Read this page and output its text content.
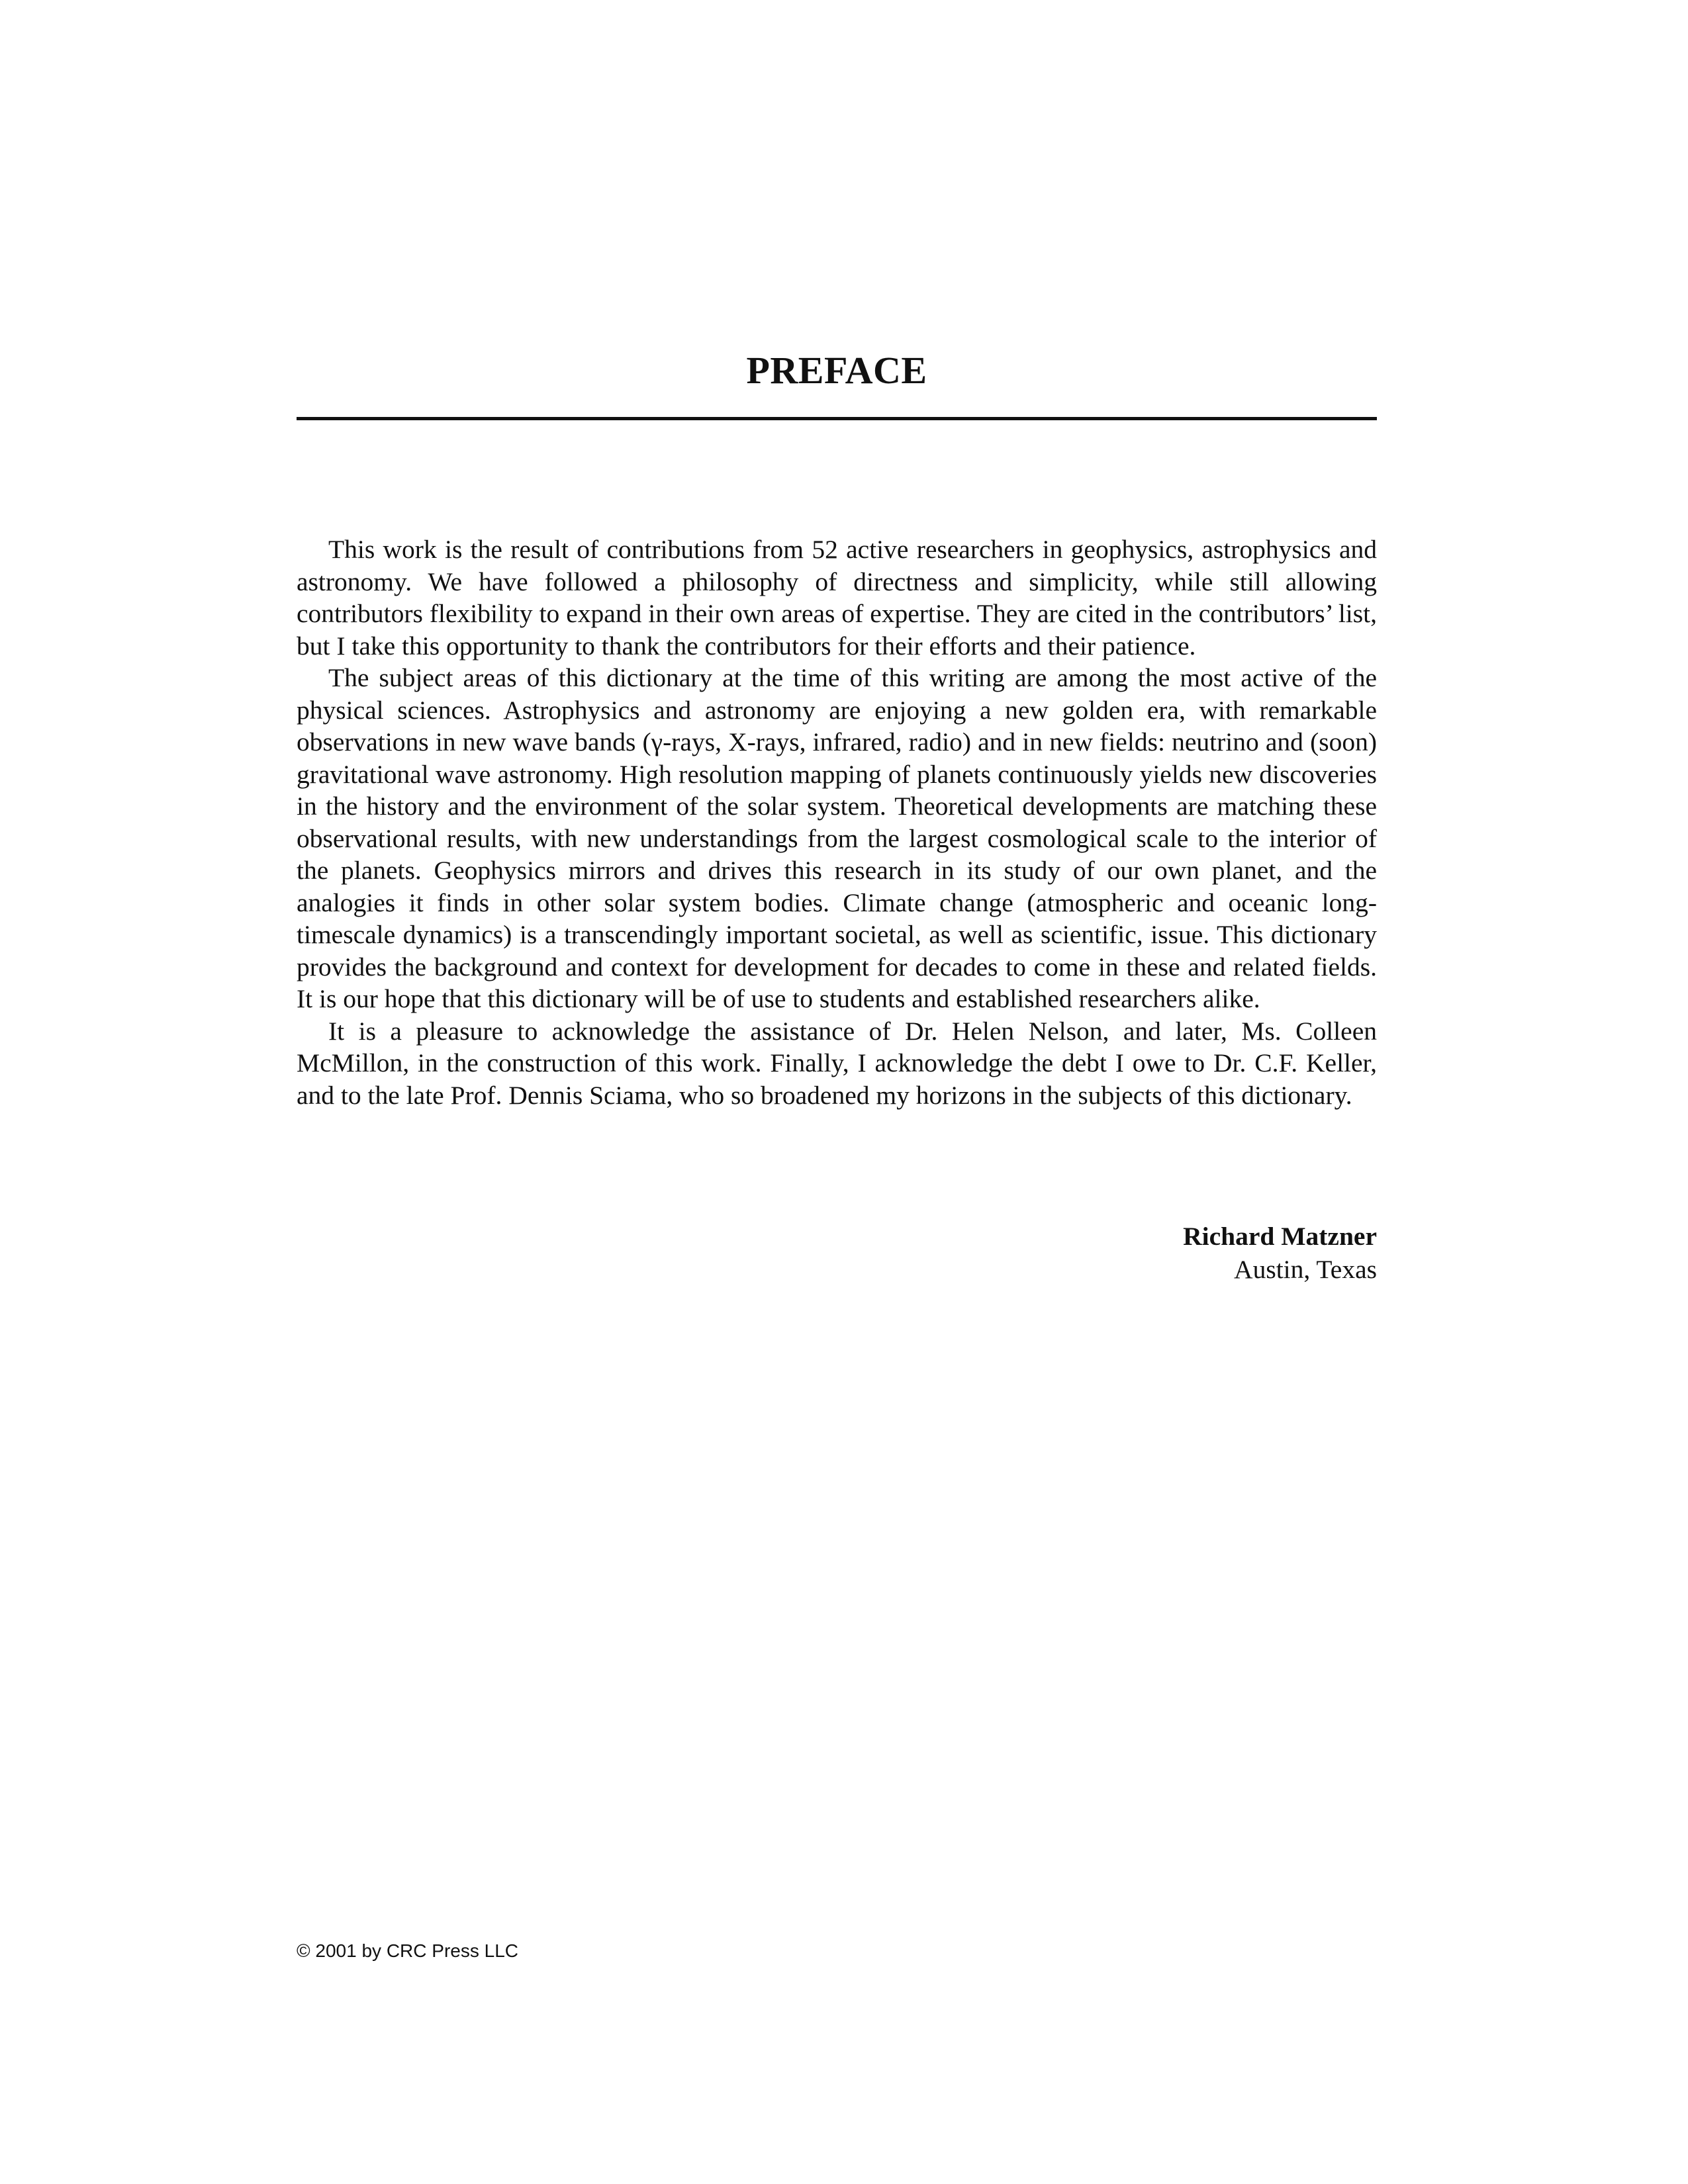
PREFACE

This work is the result of contributions from 52 active researchers in geophysics, astrophysics and astronomy. We have followed a philosophy of directness and simplicity, while still allowing contributors flexibility to expand in their own areas of expertise. They are cited in the contributors’ list, but I take this opportunity to thank the contributors for their efforts and their patience.

The subject areas of this dictionary at the time of this writing are among the most active of the physical sciences. Astrophysics and astronomy are enjoying a new golden era, with remarkable observations in new wave bands (γ-rays, X-rays, infrared, radio) and in new fields: neutrino and (soon) gravitational wave astronomy. High resolution mapping of planets continuously yields new discoveries in the history and the environment of the solar system. Theoretical developments are matching these observational results, with new understandings from the largest cosmological scale to the interior of the planets. Geophysics mirrors and drives this research in its study of our own planet, and the analogies it finds in other solar system bodies. Climate change (atmospheric and oceanic long-timescale dynamics) is a transcendingly important societal, as well as scientific, issue. This dictionary provides the background and context for development for decades to come in these and related fields. It is our hope that this dictionary will be of use to students and established researchers alike.

It is a pleasure to acknowledge the assistance of Dr. Helen Nelson, and later, Ms. Colleen McMillon, in the construction of this work. Finally, I acknowledge the debt I owe to Dr. C.F. Keller, and to the late Prof. Dennis Sciama, who so broadened my horizons in the subjects of this dictionary.

Richard Matzner
Austin, Texas
© 2001 by CRC Press LLC
